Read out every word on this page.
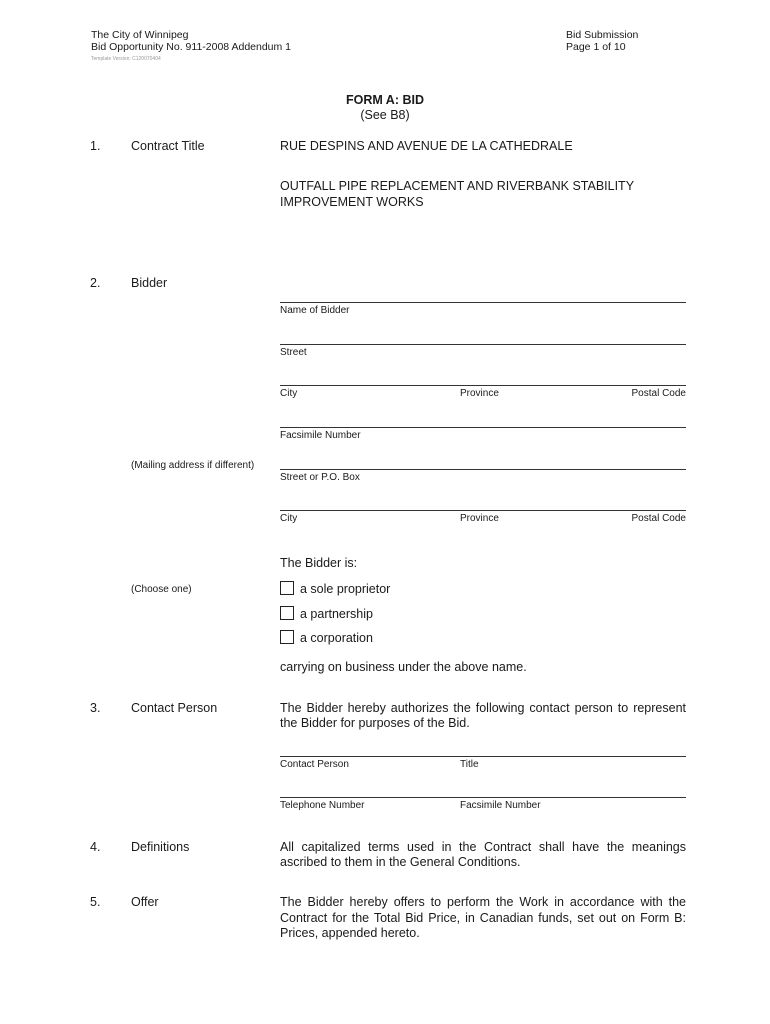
The City of Winnipeg
Bid Opportunity No. 911-2008 Addendum 1
Template Version: C120070404
Bid Submission
Page 1 of 10
FORM A: BID
(See B8)
1. Contract Title	RUE DESPINS AND AVENUE DE LA CATHEDRALE
OUTFALL PIPE REPLACEMENT AND RIVERBANK STABILITY
IMPROVEMENT WORKS
2. Bidder
Name of Bidder
Street
City	Province	Postal Code
Facsimile Number
(Mailing address if different)
Street or P.O. Box
City	Province	Postal Code
The Bidder is:
(Choose one)	a sole proprietor
a partnership
a corporation
carrying on business under the above name.
3. Contact Person	The Bidder hereby authorizes the following contact person to represent
the Bidder for purposes of the Bid.
Contact Person	Title
Telephone Number	Facsimile Number
4. Definitions	All capitalized terms used in the Contract shall have the meanings
ascribed to them in the General Conditions.
5. Offer	The Bidder hereby offers to perform the Work in accordance with the
Contract for the Total Bid Price, in Canadian funds, set out on Form B:
Prices, appended hereto.
